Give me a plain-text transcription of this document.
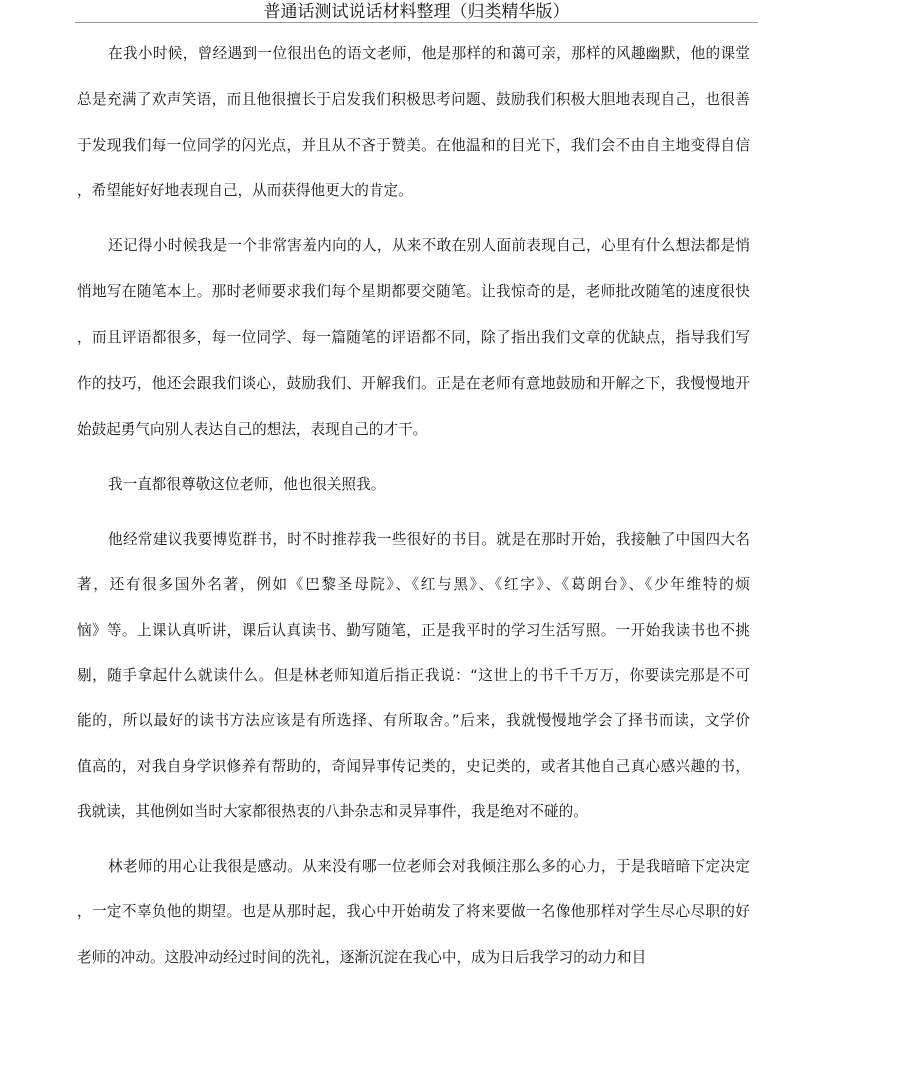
普通话测试说话材料整理（归类精华版）
在我小时候，曾经遇到一位很出色的语文老师，他是那样的和蔼可亲，那样的风趣幽默，他的课堂
总是充满了欢声笑语，而且他很擅长于启发我们积极思考问题、鼓励我们积极大胆地表现自己，也很善
于发现我们每一位同学的闪光点，并且从不吝于赞美。在他温和的目光下，我们会不由自主地变得自信
，希望能好好地表现自己，从而获得他更大的肯定。
还记得小时候我是一个非常害羞内向的人，从来不敢在别人面前表现自己，心里有什么想法都是悄
悄地写在随笔本上。那时老师要求我们每个星期都要交随笔。让我惊奇的是，老师批改随笔的速度很快
，而且评语都很多，每一位同学、每一篇随笔的评语都不同，除了指出我们文章的优缺点，指导我们写
作的技巧，他还会跟我们谈心，鼓励我们、开解我们。正是在老师有意地鼓励和开解之下，我慢慢地开
始鼓起勇气向别人表达自己的想法，表现自己的才干。
我一直都很尊敬这位老师，他也很关照我。
他经常建议我要博览群书，时不时推荐我一些很好的书目。就是在那时开始，我接触了中国四大名
著，还有很多国外名著，例如《巴黎圣母院》、《红与黑》、《红字》、《葛朗台》、《少年维特的烦
恼》等。上课认真听讲，课后认真读书、勤写随笔，正是我平时的学习生活写照。一开始我读书也不挑
剔，随手拿起什么就读什么。但是林老师知道后指正我说：“这世上的书千千万万，你要读完那是不可
能的，所以最好的读书方法应该是有所选择、有所取舍。”后来，我就慢慢地学会了择书而读，文学价
值高的，对我自身学识修养有帮助的，奇闻异事传记类的，史记类的，或者其他自己真心感兴趣的书，
我就读，其他例如当时大家都很热衷的八卦杂志和灵异事件，我是绝对不碰的。
林老师的用心让我很是感动。从来没有哪一位老师会对我倾注那么多的心力，于是我暗暗下定决定
，一定不辜负他的期望。也是从那时起，我心中开始萌发了将来要做一名像他那样对学生尽心尽职的好
老师的冲动。这股冲动经过时间的洗礼，逐渐沉淀在我心中，成为日后我学习的动力和目
